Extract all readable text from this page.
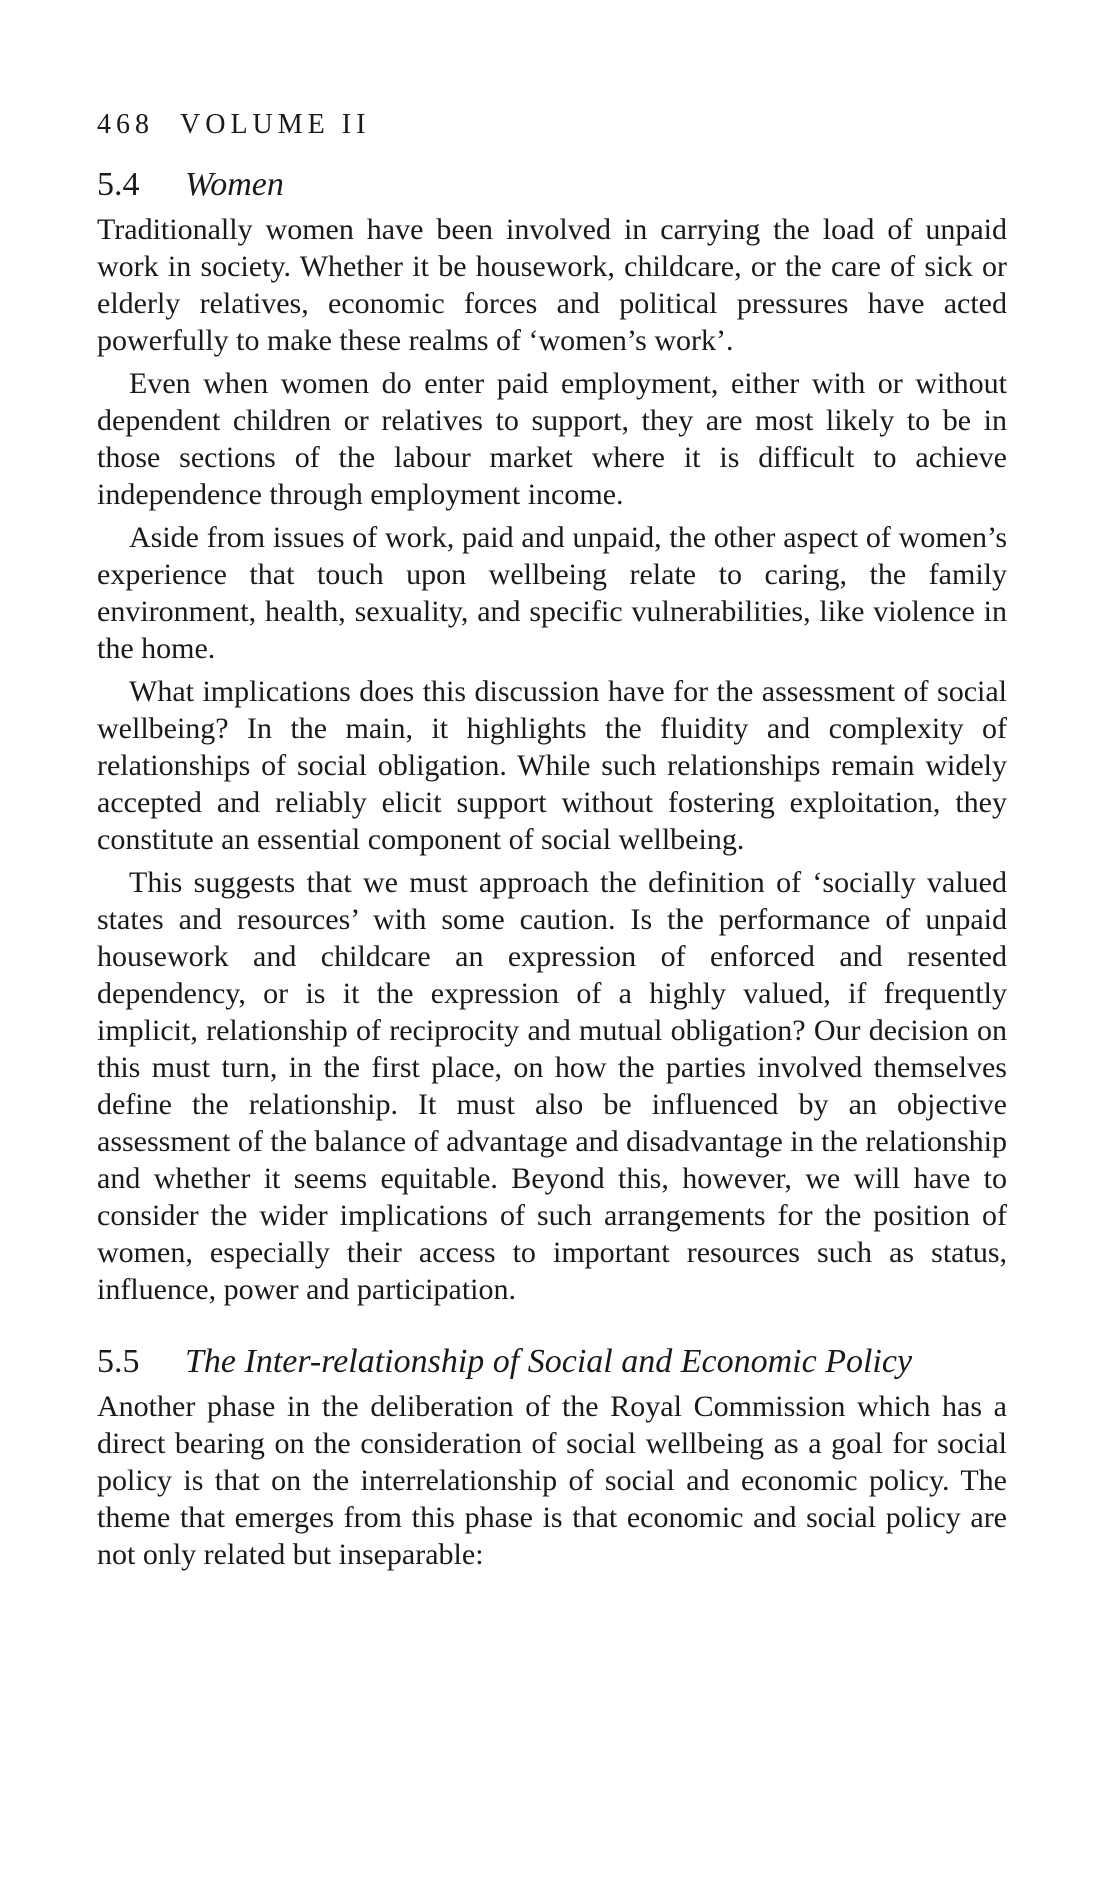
468 VOLUME II
5.4 Women

Traditionally women have been involved in carrying the load of unpaid work in society. Whether it be housework, childcare, or the care of sick or elderly relatives, economic forces and political pressures have acted powerfully to make these realms of ‘women’s work’.

Even when women do enter paid employment, either with or without dependent children or relatives to support, they are most likely to be in those sections of the labour market where it is difficult to achieve independence through employment income.

Aside from issues of work, paid and unpaid, the other aspect of women’s experience that touch upon wellbeing relate to caring, the family environment, health, sexuality, and specific vulnerabilities, like violence in the home.

What implications does this discussion have for the assessment of social wellbeing? In the main, it highlights the fluidity and complexity of relationships of social obligation. While such relationships remain widely accepted and reliably elicit support without fostering exploitation, they constitute an essential component of social wellbeing.

This suggests that we must approach the definition of ‘socially valued states and resources’ with some caution. Is the performance of unpaid housework and childcare an expression of enforced and resented dependency, or is it the expression of a highly valued, if frequently implicit, relationship of reciprocity and mutual obligation? Our decision on this must turn, in the first place, on how the parties involved themselves define the relationship. It must also be influenced by an objective assessment of the balance of advantage and disadvantage in the relationship and whether it seems equitable. Beyond this, however, we will have to consider the wider implications of such arrangements for the position of women, especially their access to important resources such as status, influence, power and participation.

5.5 The Inter-relationship of Social and Economic Policy

Another phase in the deliberation of the Royal Commission which has a direct bearing on the consideration of social wellbeing as a goal for social policy is that on the interrelationship of social and economic policy. The theme that emerges from this phase is that economic and social policy are not only related but inseparable:
